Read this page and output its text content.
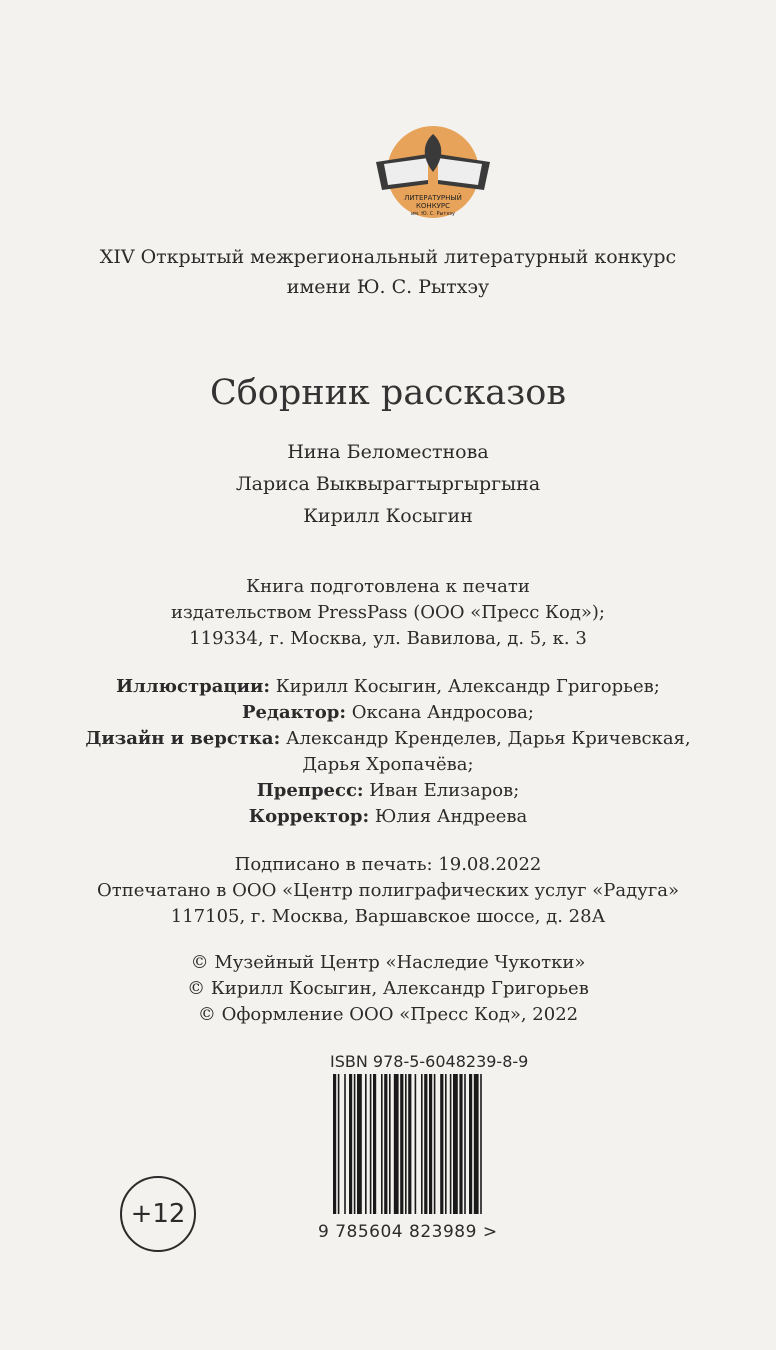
ЛИТЕРАТУРНЫЙ
КОНКУРС
им. Ю. С. Рытхэу
XIV Открытый межрегиональный литературный конкурс
имени Ю. С. Рытхэу
Сборник рассказов
Нина Беломестнова
Лариса Выквырагтыргыргына
Кирилл Косыгин
Книга подготовлена к печати
издательством PressPass (ООО «Пресс Код»);
119334, г. Москва, ул. Вавилова, д. 5, к. 3
Иллюстрации: Кирилл Косыгин, Александр Григорьев;
Редактор: Оксана Андросова;
Дизайн и верстка: Александр Кренделев, Дарья Кричевская,
Дарья Хропачёва;
Препресс: Иван Елизаров;
Корректор: Юлия Андреева
Подписано в печать: 19.08.2022
Отпечатано в ООО «Центр полиграфических услуг «Радуга»
117105, г. Москва, Варшавское шоссе, д. 28А
© Музейный Центр «Наследие Чукотки»
© Кирилл Косыгин, Александр Григорьев
© Оформление ООО «Пресс Код», 2022
ISBN 978-5-6048239-8-9
9 785604 823989 >
+12
